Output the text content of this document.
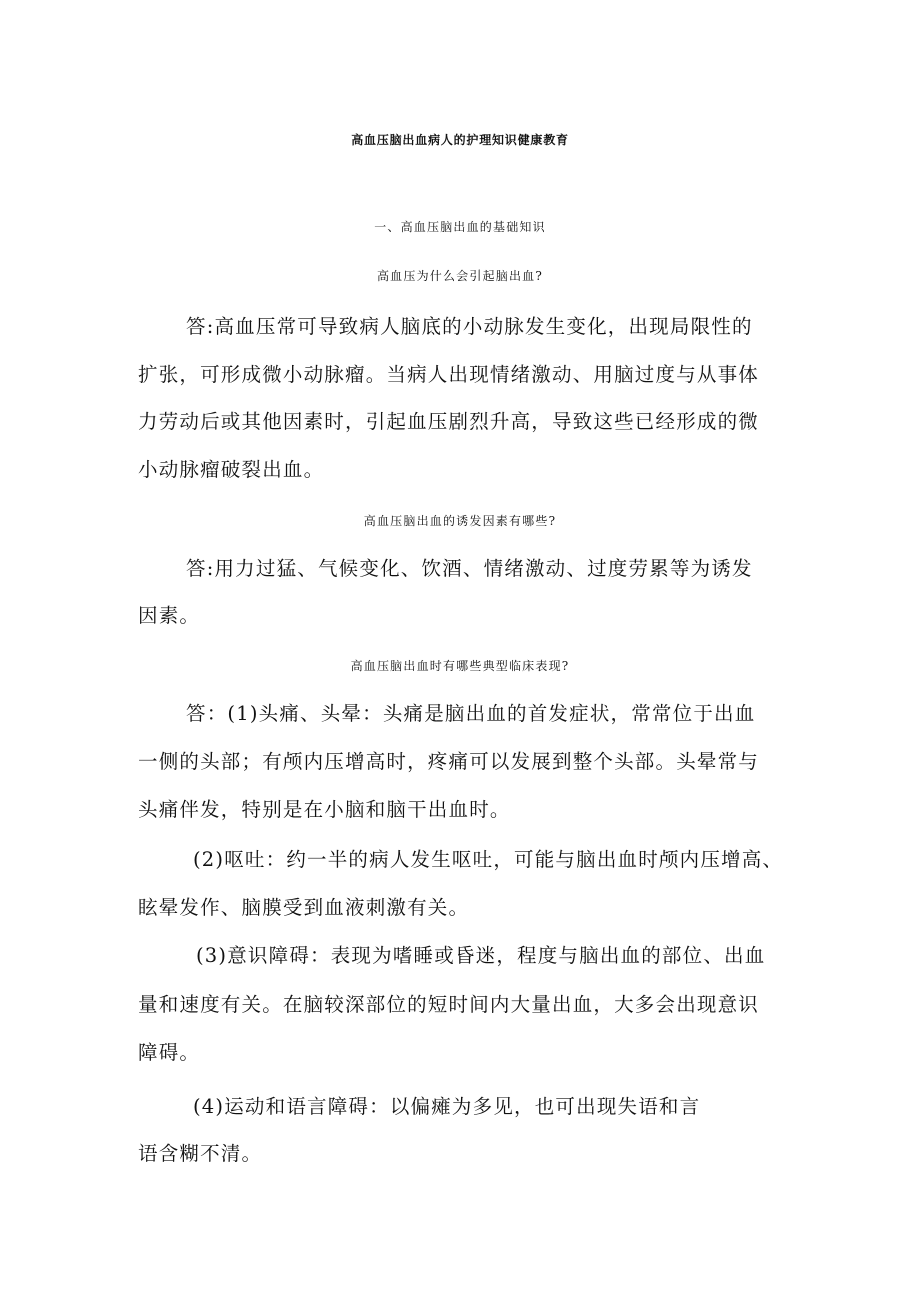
高血压脑出血病人的护理知识健康教育
一、高血压脑出血的基础知识
高血压为什么会引起脑出血?
答:高血压常可导致病人脑底的小动脉发生变化，出现局限性的
扩张，可形成微小动脉瘤。当病人出现情绪激动、用脑过度与从事体
力劳动后或其他因素时，引起血压剧烈升高，导致这些已经形成的微
小动脉瘤破裂出血。
高血压脑出血的诱发因素有哪些?
答:用力过猛、气候变化、饮酒、情绪激动、过度劳累等为诱发
因素。
高血压脑出血时有哪些典型临床表现?
答：(1)头痛、头晕：头痛是脑出血的首发症状，常常位于出血
一侧的头部；有颅内压增高时，疼痛可以发展到整个头部。头晕常与
头痛伴发，特别是在小脑和脑干出血时。
(2)呕吐：约一半的病人发生呕吐，可能与脑出血时颅内压增高、
眩晕发作、脑膜受到血液刺激有关。
(3)意识障碍：表现为嗜睡或昏迷，程度与脑出血的部位、出血
量和速度有关。在脑较深部位的短时间内大量出血，大多会出现意识
障碍。
(4)运动和语言障碍：以偏瘫为多见，也可出现失语和言
语含糊不清。
